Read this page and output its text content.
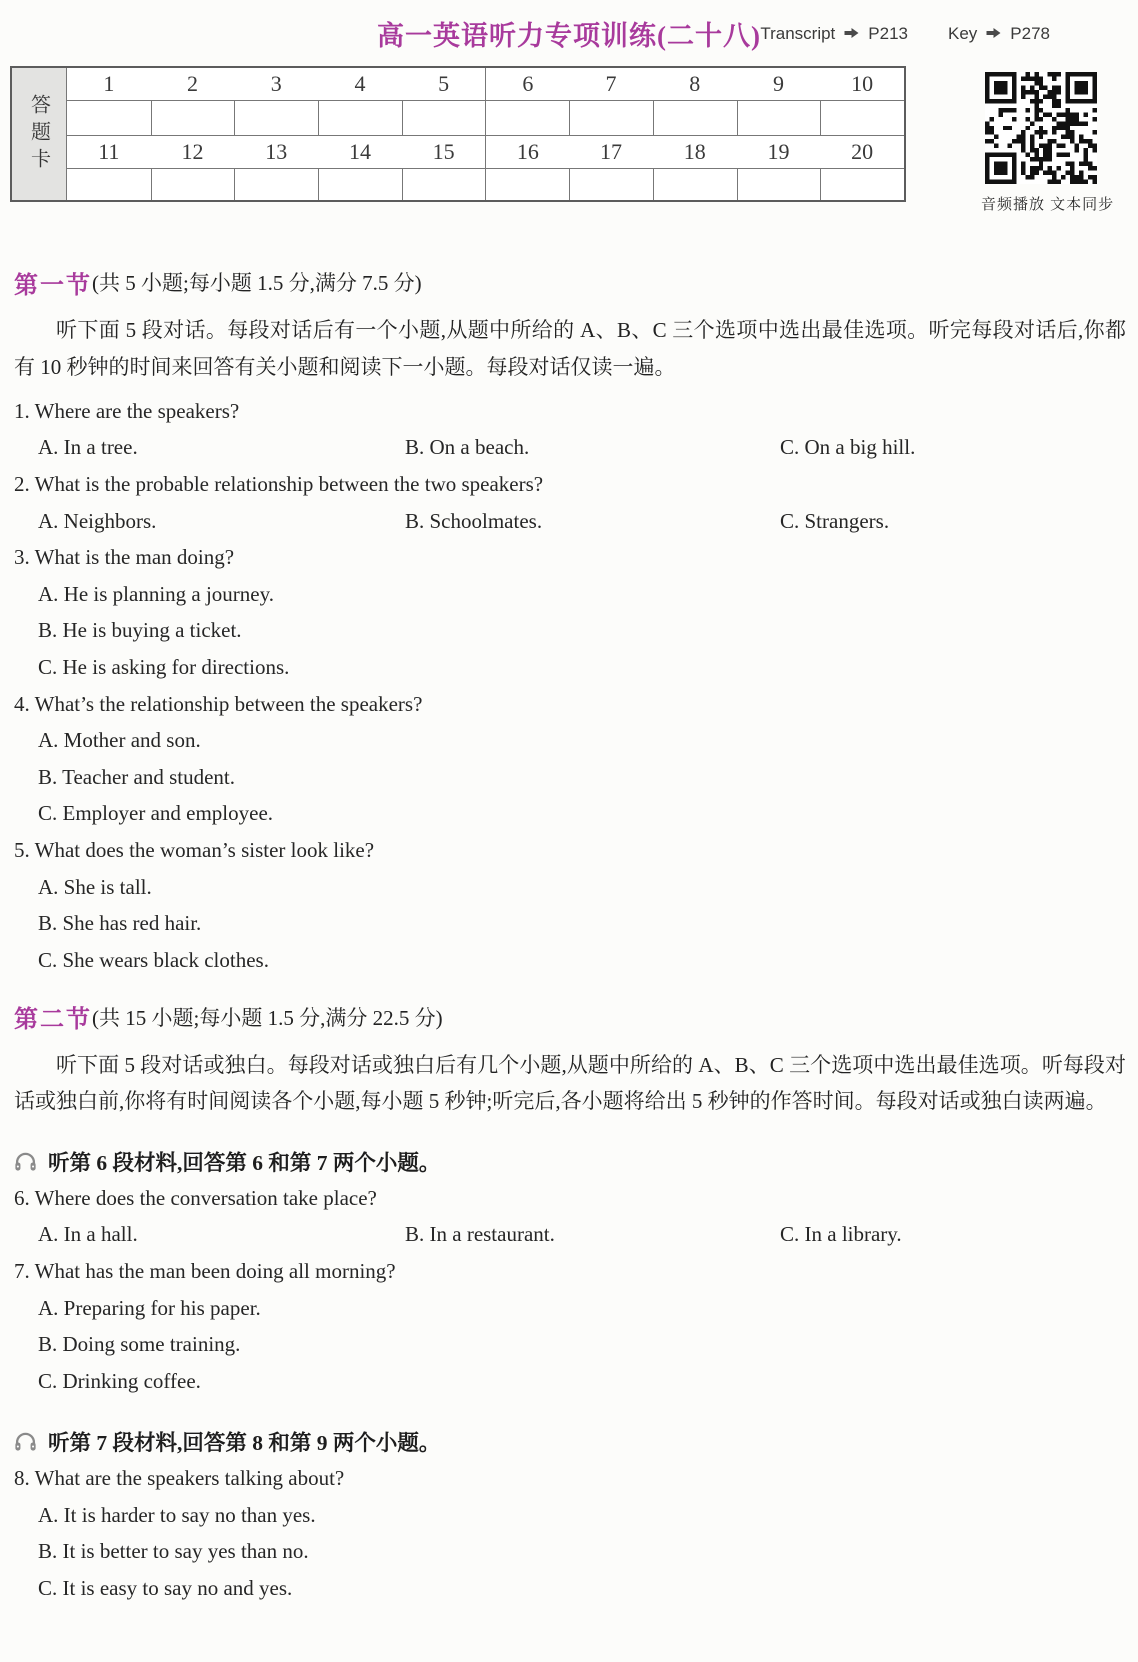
高一英语听力专项训练(二十八) Transcript P213 Key P278
答题卡
1	2	3	4	5	6	7	8	9	10
11	12	13	14	15	16	17	18	19	20
音频播放 文本同步
第一节 (共 5 小题;每小题 1.5 分,满分 7.5 分)

听下面 5 段对话。每段对话后有一个小题,从题中所给的 A、B、C 三个选项中选出最佳选项。听完每段对话后,你都有 10 秒钟的时间来回答有关小题和阅读下一小题。每段对话仅读一遍。

1. Where are the speakers?
A. In a tree.	B. On a beach.	C. On a big hill.
2. What is the probable relationship between the two speakers?
A. Neighbors.	B. Schoolmates.	C. Strangers.
3. What is the man doing?
A. He is planning a journey.
B. He is buying a ticket.
C. He is asking for directions.
4. What’s the relationship between the speakers?
A. Mother and son.
B. Teacher and student.
C. Employer and employee.
5. What does the woman’s sister look like?
A. She is tall.
B. She has red hair.
C. She wears black clothes.
第二节 (共 15 小题;每小题 1.5 分,满分 22.5 分)

听下面 5 段对话或独白。每段对话或独白后有几个小题,从题中所给的 A、B、C 三个选项中选出最佳选项。听每段对话或独白前,你将有时间阅读各个小题,每小题 5 秒钟;听完后,各小题将给出 5 秒钟的作答时间。每段对话或独白读两遍。

听第 6 段材料,回答第 6 和第 7 两个小题。
6. Where does the conversation take place?
A. In a hall.	B. In a restaurant.	C. In a library.
7. What has the man been doing all morning?
A. Preparing for his paper.
B. Doing some training.
C. Drinking coffee.
听第 7 段材料,回答第 8 和第 9 两个小题。
8. What are the speakers talking about?
A. It is harder to say no than yes.
B. It is better to say yes than no.
C. It is easy to say no and yes.
